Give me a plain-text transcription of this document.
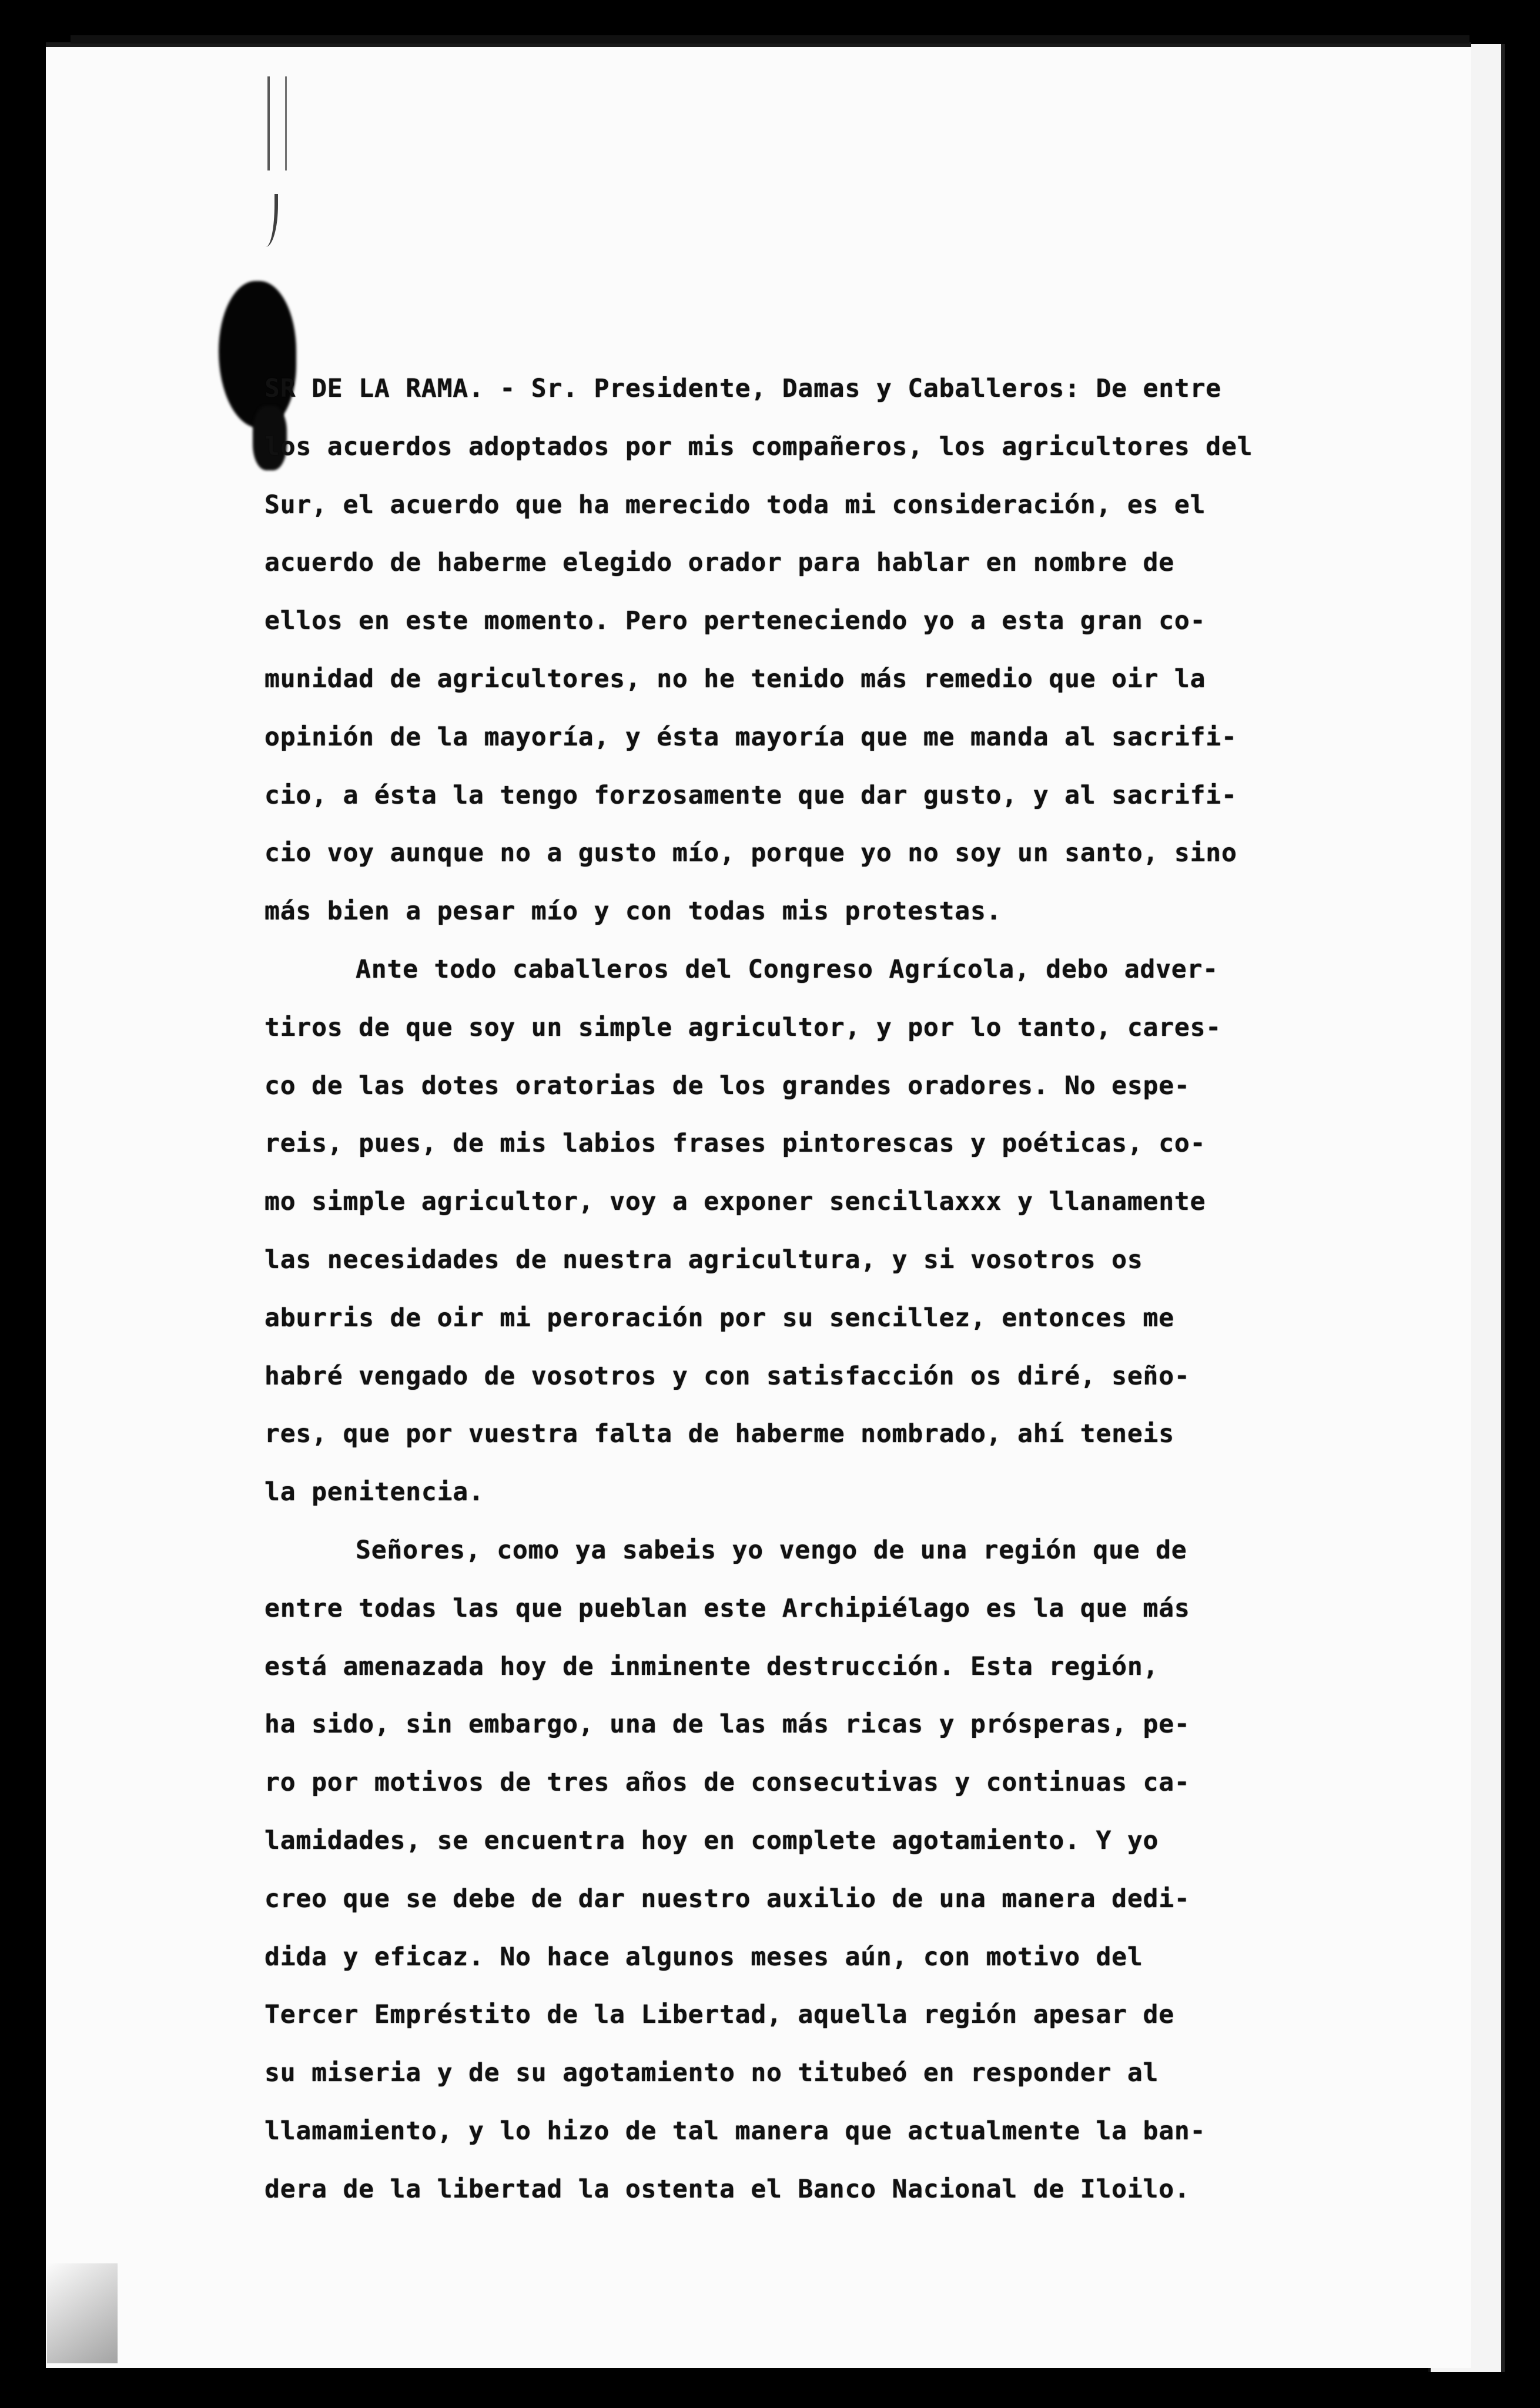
SR DE LA RAMA. - Sr. Presidente, Damas y Caballeros: De entre
los acuerdos adoptados por mis compañeros, los agricultores del
Sur, el acuerdo que ha merecido toda mi consideración, es el
acuerdo de haberme elegido orador para hablar en nombre de
ellos en este momento. Pero perteneciendo yo a esta gran co-
munidad de agricultores, no he tenido más remedio que oir la
opinión de la mayoría, y ésta mayoría que me manda al sacrifi-
cio, a ésta la tengo forzosamente que dar gusto, y al sacrifi-
cio voy aunque no a gusto mío, porque yo no soy un santo, sino
más bien a pesar mío y con todas mis protestas.
Ante todo caballeros del Congreso Agrícola, debo adver-
tiros de que soy un simple agricultor, y por lo tanto, cares-
co de las dotes oratorias de los grandes oradores. No espe-
reis, pues, de mis labios frases pintorescas y poéticas, co-
mo simple agricultor, voy a exponer sencillaxxx y llanamente
las necesidades de nuestra agricultura, y si vosotros os
aburris de oir mi peroración por su sencillez, entonces me
habré vengado de vosotros y con satisfacción os diré, seño-
res, que por vuestra falta de haberme nombrado, ahí teneis
la penitencia.
Señores, como ya sabeis yo vengo de una región que de
entre todas las que pueblan este Archipiélago es la que más
está amenazada hoy de inminente destrucción. Esta región,
ha sido, sin embargo, una de las más ricas y prósperas, pe-
ro por motivos de tres años de consecutivas y continuas ca-
lamidades, se encuentra hoy en complete agotamiento. Y yo
creo que se debe de dar nuestro auxilio de una manera dedi-
dida y eficaz. No hace algunos meses aún, con motivo del
Tercer Empréstito de la Libertad, aquella región apesar de
su miseria y de su agotamiento no titubeó en responder al
llamamiento, y lo hizo de tal manera que actualmente la ban-
dera de la libertad la ostenta el Banco Nacional de Iloilo.
